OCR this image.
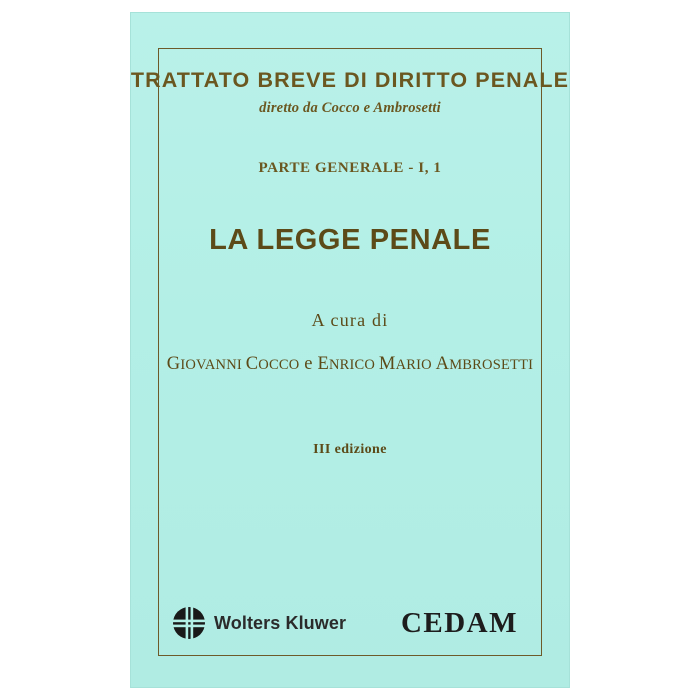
TRATTATO BREVE DI DIRITTO PENALE
diretto da Cocco e Ambrosetti
PARTE GENERALE - I, 1
LA LEGGE PENALE
A cura di
GIOVANNI COCCO e ENRICO MARIO AMBROSETTI
III edizione
Wolters Kluwer CEDAM
